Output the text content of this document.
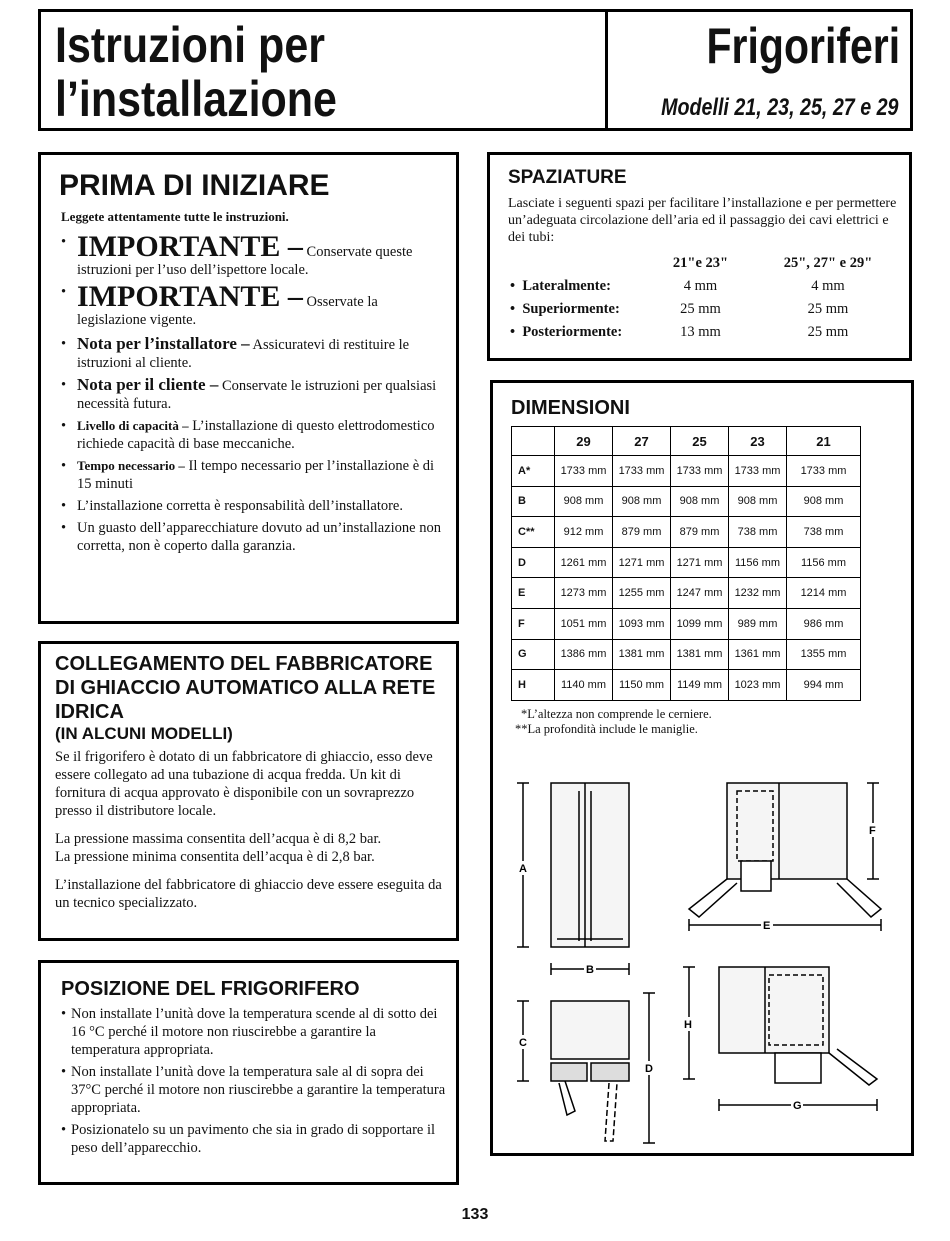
Istruzioni per
l’installazione
Frigoriferi
Modelli 21, 23, 25, 27 e 29
PRIMA DI INIZIARE

Leggete attentamente tutte le instruzioni.

• IMPORTANTE – Conservate queste istruzioni per l’uso dell’ispettore locale.
• IMPORTANTE – Osservate la legislazione vigente.
• Nota per l’installatore – Assicuratevi di restituire le istruzioni al cliente.
• Nota per il cliente – Conservate le istruzioni per qualsiasi necessità futura.
• Livello di capacità – L’installazione di questo elettrodomestico richiede capacità di base meccaniche.
• Tempo necessario – Il tempo necessario per l’installazione è di 15 minuti
• L’installazione corretta è responsabilità dell’installatore.
• Un guasto dell’apparecchiature dovuto ad un’installazione non corretta, non è coperto dalla garanzia.
COLLEGAMENTO DEL FABBRICATORE DI GHIACCIO AUTOMATICO ALLA RETE IDRICA
(IN ALCUNI MODELLI)

Se il frigorifero è dotato di un fabbricatore di ghiaccio, esso deve essere collegato ad una tubazione di acqua fredda. Un kit di fornitura di acqua approvato è disponibile con un sovraprezzo presso il distributore locale.

La pressione massima consentita dell’acqua è di 8,2 bar.
La pressione minima consentita dell’acqua è di 2,8 bar.

L’installazione del fabbricatore di ghiaccio deve essere eseguita da un tecnico specializzato.

POSIZIONE DEL FRIGORIFERO
• Non installate l’unità dove la temperatura scende al di sotto dei 16 °C perché il motore non riuscirebbe a garantire la temperatura appropriata.
• Non installate l’unità dove la temperatura sale al di sopra dei 37°C perché il motore non riuscirebbe a garantire la temperatura appropriata.
• Posizionatelo su un pavimento che sia in grado di sopportare il peso dell’apparecchio.
SPAZIATURE

Lasciate i seguenti spazi per facilitare l’installazione e per permettere un’adeguata circolazione dell’aria ed il passaggio dei cavi elettrici e dei tubi:

	21"e 23"	25", 27" e 29"
•  Lateralmente:	4 mm	4 mm
•  Superiormente:	25 mm	25 mm
•  Posteriormente:	13 mm	25 mm
DIMENSIONI
	29	27	25	23	21
A*	1733 mm	1733 mm	1733 mm	1733 mm	1733 mm
B	908 mm	908 mm	908 mm	908 mm	908 mm
C**	912 mm	879 mm	879 mm	738 mm	738 mm
D	1261 mm	1271 mm	1271 mm	1156 mm	1156 mm
E	1273 mm	1255 mm	1247 mm	1232 mm	1214 mm
F	1051 mm	1093 mm	1099 mm	989 mm	986 mm
G	1386 mm	1381 mm	1381 mm	1361 mm	1355 mm
H	1140 mm	1150 mm	1149 mm	1023 mm	994 mm
*L’altezza non comprende le cerniere.
**La profondità include le maniglie.
A
B
C
D
E
F
H
G
133
